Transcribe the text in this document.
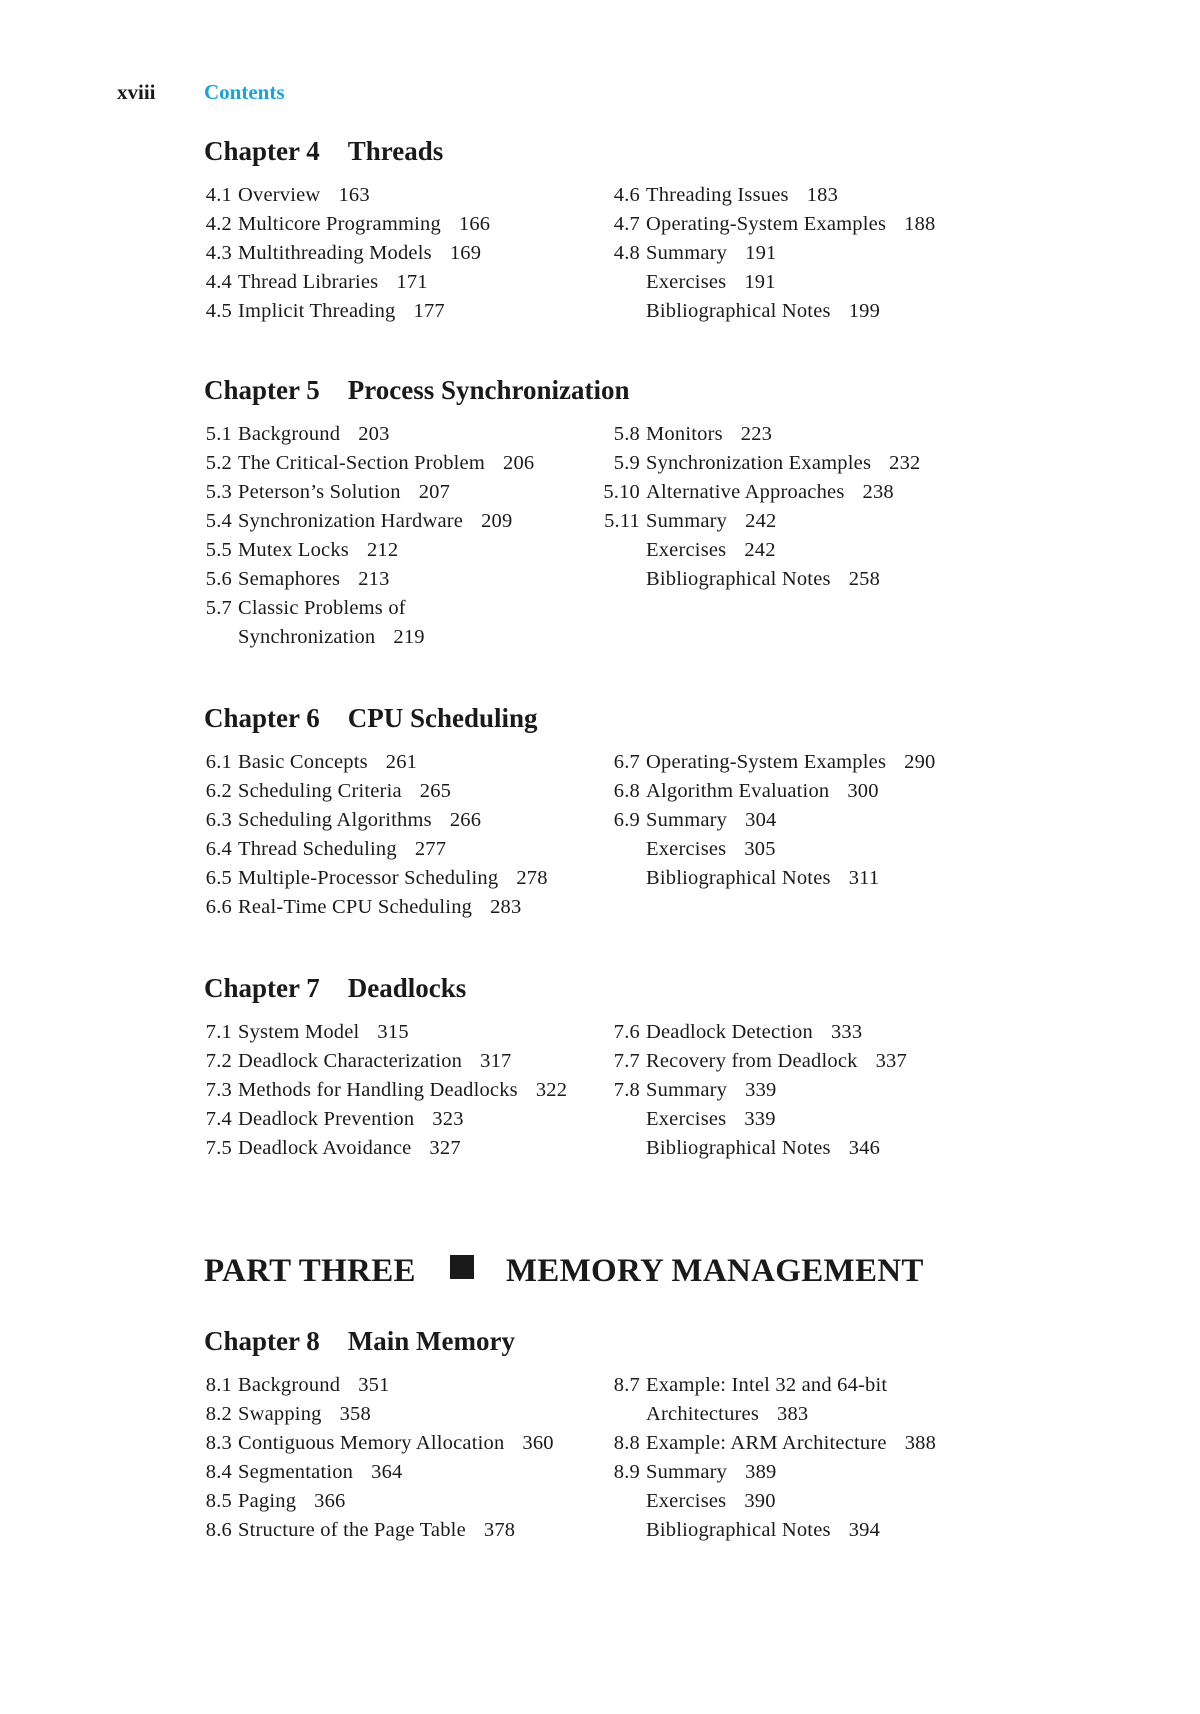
xviii Contents
Chapter 4 Threads
4.1 Overview 163
4.2 Multicore Programming 166
4.3 Multithreading Models 169
4.4 Thread Libraries 171
4.5 Implicit Threading 177
4.6 Threading Issues 183
4.7 Operating-System Examples 188
4.8 Summary 191
Exercises 191
Bibliographical Notes 199
Chapter 5 Process Synchronization
5.1 Background 203
5.2 The Critical-Section Problem 206
5.3 Peterson’s Solution 207
5.4 Synchronization Hardware 209
5.5 Mutex Locks 212
5.6 Semaphores 213
5.7 Classic Problems of
Synchronization 219
5.8 Monitors 223
5.9 Synchronization Examples 232
5.10 Alternative Approaches 238
5.11 Summary 242
Exercises 242
Bibliographical Notes 258
Chapter 6 CPU Scheduling
6.1 Basic Concepts 261
6.2 Scheduling Criteria 265
6.3 Scheduling Algorithms 266
6.4 Thread Scheduling 277
6.5 Multiple-Processor Scheduling 278
6.6 Real-Time CPU Scheduling 283
6.7 Operating-System Examples 290
6.8 Algorithm Evaluation 300
6.9 Summary 304
Exercises 305
Bibliographical Notes 311
Chapter 7 Deadlocks
7.1 System Model 315
7.2 Deadlock Characterization 317
7.3 Methods for Handling Deadlocks 322
7.4 Deadlock Prevention 323
7.5 Deadlock Avoidance 327
7.6 Deadlock Detection 333
7.7 Recovery from Deadlock 337
7.8 Summary 339
Exercises 339
Bibliographical Notes 346
PART THREE	MEMORY MANAGEMENT
Chapter 8 Main Memory
8.1 Background 351
8.2 Swapping 358
8.3 Contiguous Memory Allocation 360
8.4 Segmentation 364
8.5 Paging 366
8.6 Structure of the Page Table 378
8.7 Example: Intel 32 and 64-bit
Architectures 383
8.8 Example: ARM Architecture 388
8.9 Summary 389
Exercises 390
Bibliographical Notes 394
